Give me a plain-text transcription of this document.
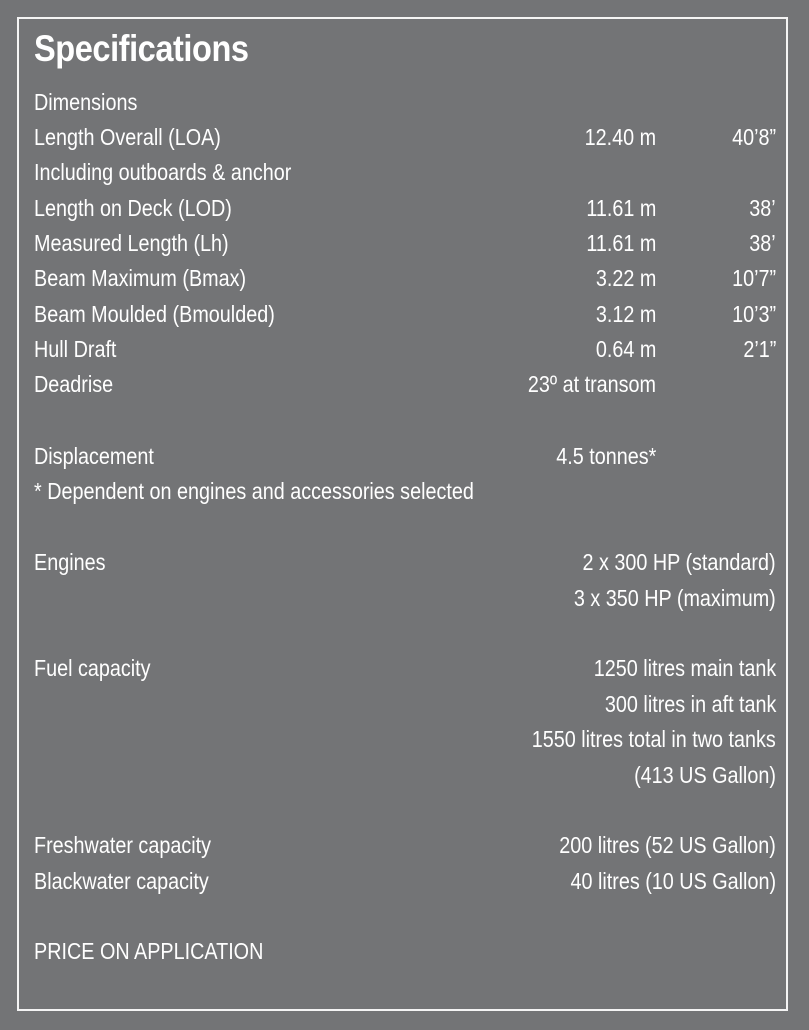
Specifications
Dimensions
Length Overall (LOA)	12.40 m	40’8”
Including outboards & anchor
Length on Deck (LOD)	11.61 m	38’
Measured Length (Lh)	11.61 m	38’
Beam Maximum (Bmax)	3.22 m	10’7”
Beam Moulded (Bmoulded)	3.12 m	10’3”
Hull Draft	0.64 m	2’1”
Deadrise	23º at transom
Displacement	4.5 tonnes*
* Dependent on engines and accessories selected
Engines	2 x 300 HP (standard)
3 x 350 HP (maximum)
Fuel capacity	1250 litres main tank
300 litres in aft tank
1550 litres total in two tanks
(413 US Gallon)
Freshwater capacity	200 litres (52 US Gallon)
Blackwater capacity	40 litres (10 US Gallon)
PRICE ON APPLICATION
